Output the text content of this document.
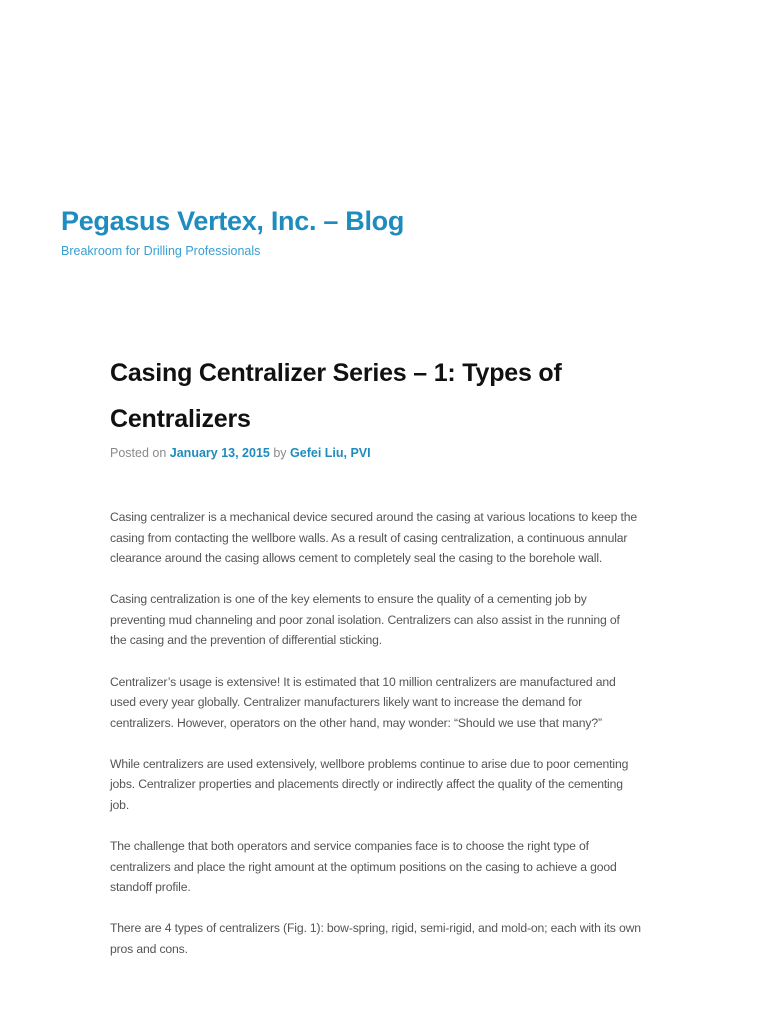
Pegasus Vertex, Inc. – Blog
Breakroom for Drilling Professionals
Casing Centralizer Series – 1: Types of
Centralizers
Posted on January 13, 2015 by Gefei Liu, PVI

Casing centralizer is a mechanical device secured around the casing at various locations to keep the
casing from contacting the wellbore walls. As a result of casing centralization, a continuous annular
clearance around the casing allows cement to completely seal the casing to the borehole wall.

Casing centralization is one of the key elements to ensure the quality of a cementing job by
preventing mud channeling and poor zonal isolation. Centralizers can also assist in the running of
the casing and the prevention of differential sticking.

Centralizer’s usage is extensive! It is estimated that 10 million centralizers are manufactured and
used every year globally. Centralizer manufacturers likely want to increase the demand for
centralizers. However, operators on the other hand, may wonder: “Should we use that many?”

While centralizers are used extensively, wellbore problems continue to arise due to poor cementing
jobs. Centralizer properties and placements directly or indirectly affect the quality of the cementing
job.

The challenge that both operators and service companies face is to choose the right type of
centralizers and place the right amount at the optimum positions on the casing to achieve a good
standoff profile.

There are 4 types of centralizers (Fig. 1): bow-spring, rigid, semi-rigid, and mold-on; each with its own
pros and cons.
